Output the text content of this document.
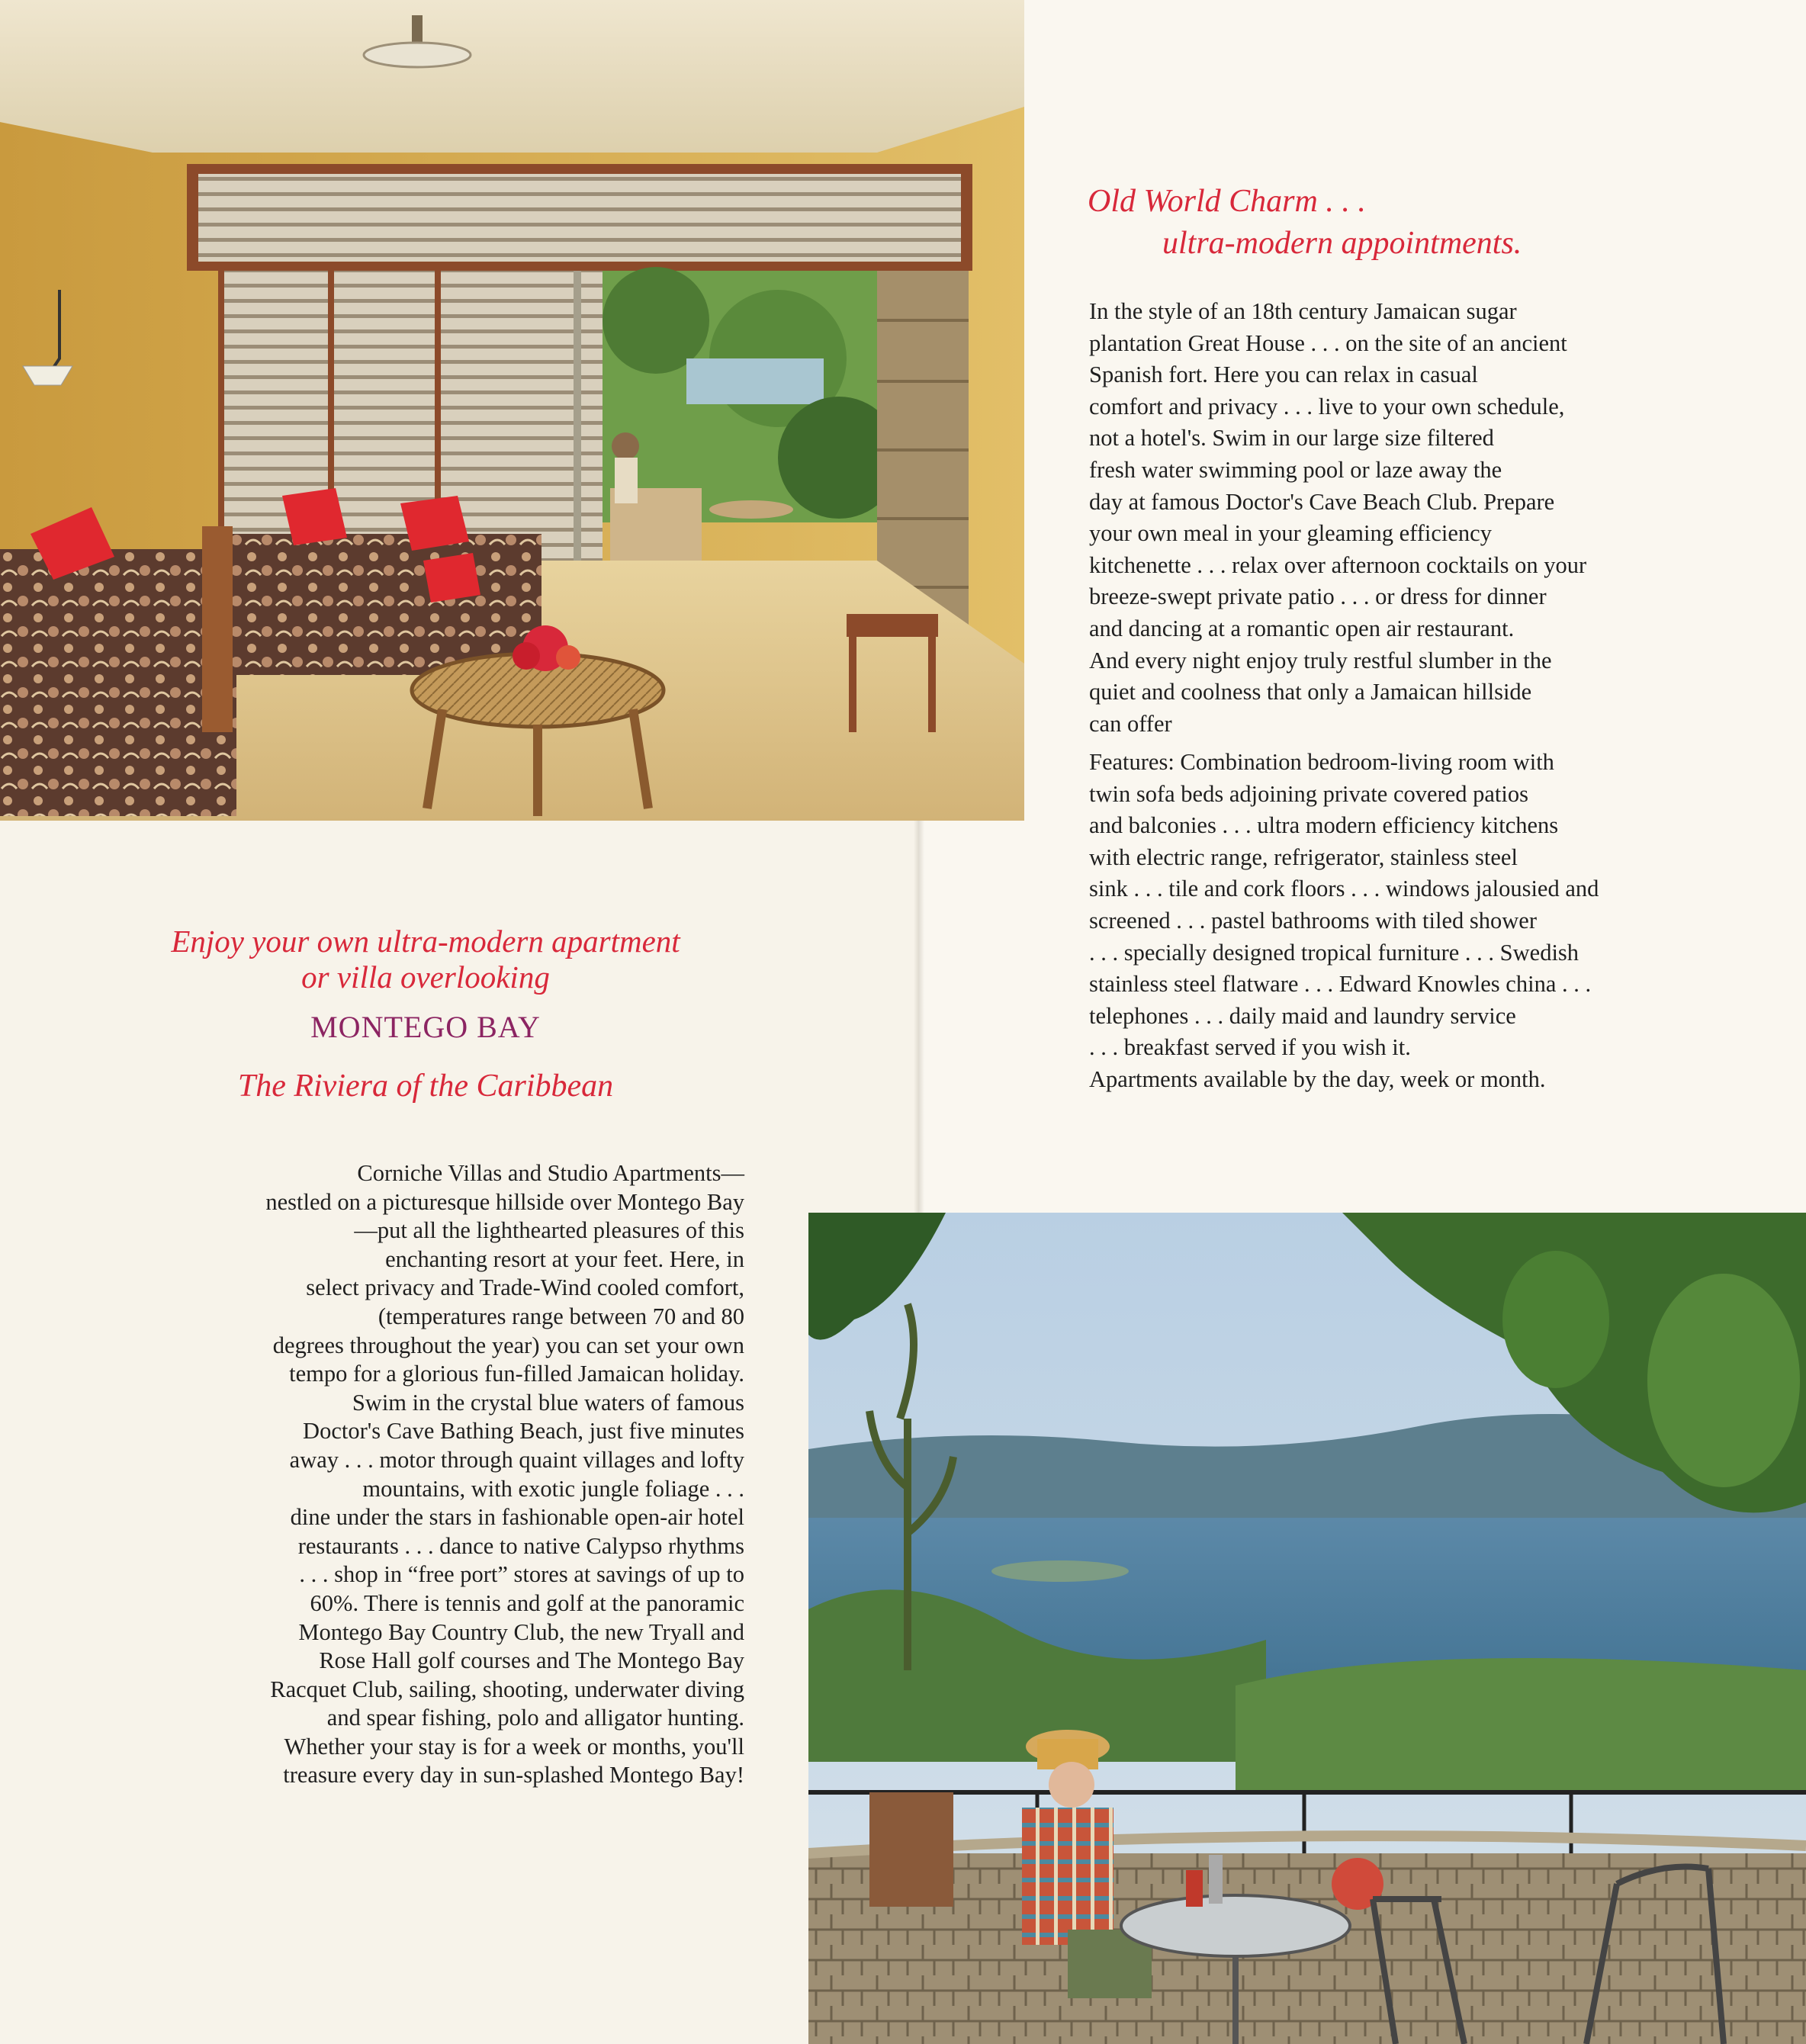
Old World Charm . . .
ultra-modern appointments.
In the style of an 18th century Jamaican sugar
plantation Great House . . . on the site of an ancient
Spanish fort. Here you can relax in casual
comfort and privacy . . . live to your own schedule,
not a hotel's. Swim in our large size filtered
fresh water swimming pool or laze away the
day at famous Doctor's Cave Beach Club. Prepare
your own meal in your gleaming efficiency
kitchenette . . . relax over afternoon cocktails on your
breeze-swept private patio . . . or dress for dinner
and dancing at a romantic open air restaurant.
And every night enjoy truly restful slumber in the
quiet and coolness that only a Jamaican hillside
can offer
Features: Combination bedroom-living room with
twin sofa beds adjoining private covered patios
and balconies . . . ultra modern efficiency kitchens
with electric range, refrigerator, stainless steel
sink . . . tile and cork floors . . . windows jalousied and
screened . . . pastel bathrooms with tiled shower
. . . specially designed tropical furniture . . . Swedish
stainless steel flatware . . . Edward Knowles china . . .
telephones . . . daily maid and laundry service
. . . breakfast served if you wish it.
Apartments available by the day, week or month.
Enjoy your own ultra-modern apartment
or villa overlooking
MONTEGO BAY
The Riviera of the Caribbean
Corniche Villas and Studio Apartments—
nestled on a picturesque hillside over Montego Bay
—put all the lighthearted pleasures of this
enchanting resort at your feet. Here, in
select privacy and Trade-Wind cooled comfort,
(temperatures range between 70 and 80
degrees throughout the year) you can set your own
tempo for a glorious fun-filled Jamaican holiday.
Swim in the crystal blue waters of famous
Doctor's Cave Bathing Beach, just five minutes
away . . . motor through quaint villages and lofty
mountains, with exotic jungle foliage . . .
dine under the stars in fashionable open-air hotel
restaurants . . . dance to native Calypso rhythms
. . . shop in “free port” stores at savings of up to
60%. There is tennis and golf at the panoramic
Montego Bay Country Club, the new Tryall and
Rose Hall golf courses and The Montego Bay
Racquet Club, sailing, shooting, underwater diving
and spear fishing, polo and alligator hunting.
Whether your stay is for a week or months, you'll
treasure every day in sun-splashed Montego Bay!
